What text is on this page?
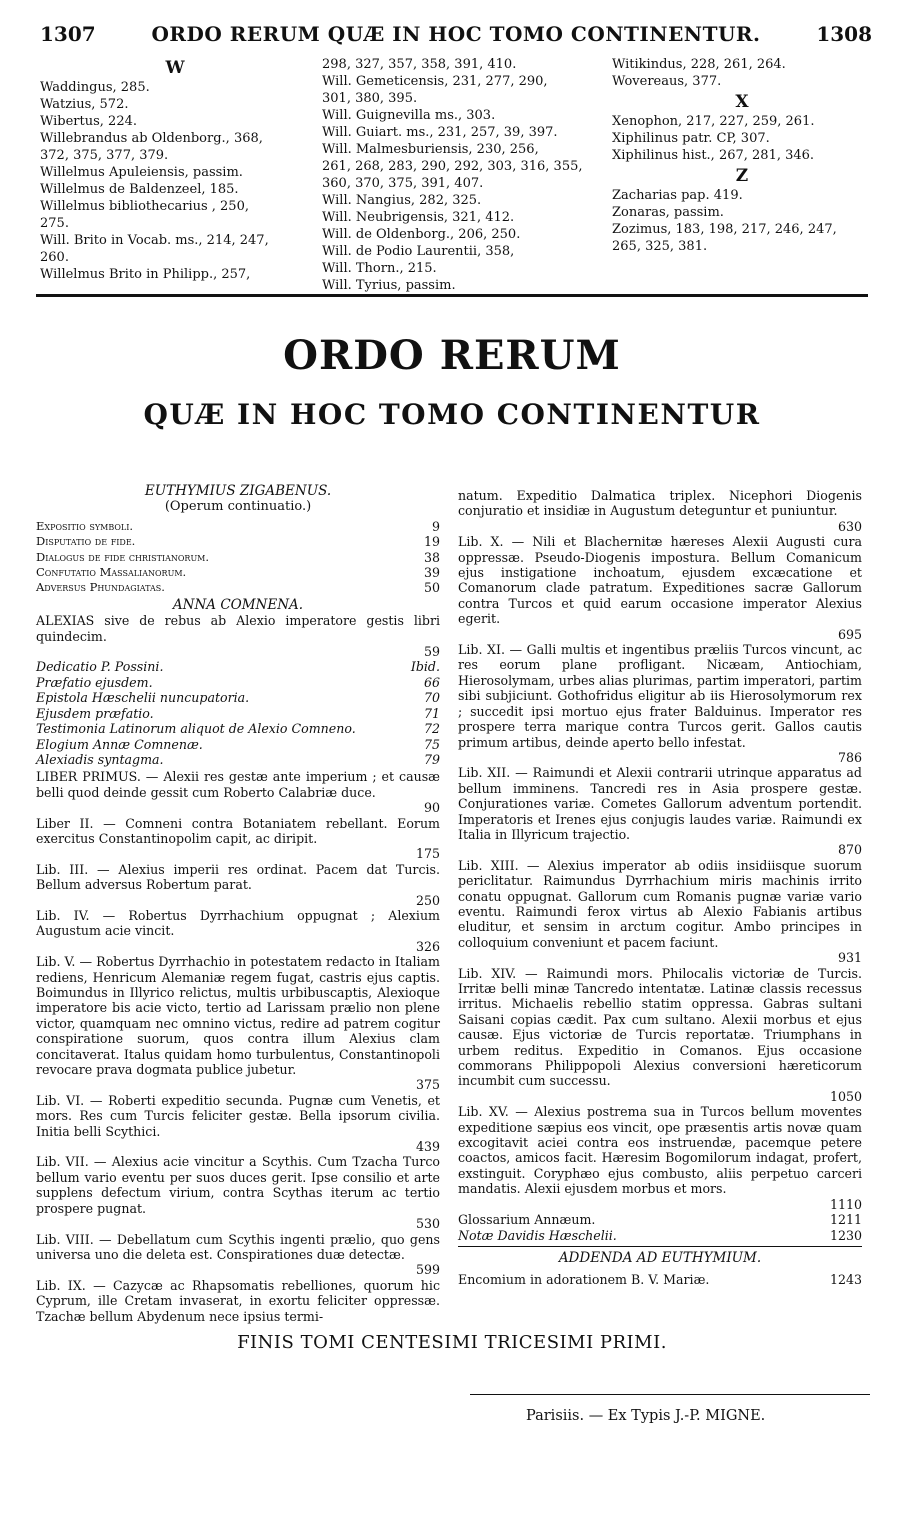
1307	ORDO RERUM QUÆ IN HOC TOMO CONTINENTUR.	1308
W
Waddingus, 285.
Watzius, 572.
Wibertus, 224.
Willebrandus ab Oldenborg., 368,
372, 375, 377, 379.
Willelmus Apuleiensis, passim.
Willelmus de Baldenzeel, 185.
Willelmus bibliothecarius , 250,
275.
Will. Brito in Vocab. ms., 214, 247,
260.
Willelmus Brito in Philipp., 257,
298, 327, 357, 358, 391, 410.
Will. Gemeticensis, 231, 277, 290,
301, 380, 395.
Will. Guignevilla ms., 303.
Will. Guiart. ms., 231, 257, 39, 397.
Will. Malmesburiensis, 230, 256,
261, 268, 283, 290, 292, 303, 316, 355,
360, 370, 375, 391, 407.
Will. Nangius, 282, 325.
Will. Neubrigensis, 321, 412.
Will. de Oldenborg., 206, 250.
Will. de Podio Laurentii, 358,
Will. Thorn., 215.
Will. Tyrius, passim.
Witikindus, 228, 261, 264.
Wovereaus, 377.
X
Xenophon, 217, 227, 259, 261.
Xiphilinus patr. CP, 307.
Xiphilinus hist., 267, 281, 346.
Z
Zacharias pap. 419.
Zonaras, passim.
Zozimus, 183, 198, 217, 246, 247,
265, 325, 381.
ORDO RERUM
QUÆ IN HOC TOMO CONTINENTUR

EUTHYMIUS ZIGABENUS.

(Operum continuatio.)

Expositio symboli.	9
Disputatio de fide.	19
Dialogus de fide christianorum.	38
Confutatio Massalianorum.	39
Adversus Phundagiatas.	50

ANNA COMNENA.

ALEXIAS sive de rebus ab Alexio imperatore gestis libri quindecim.
59

Dedicatio P. Possini.	Ibid.
Præfatio ejusdem.	66
Epistola Hæschelii nuncupatoria.	70
Ejusdem præfatio.	71
Testimonia Latinorum aliquot de Alexio Comneno.	72
Elogium Annæ Comnenæ.	75
Alexiadis syntagma.	79

LIBER PRIMUS. — Alexii res gestæ ante imperium ; et causæ belli quod deinde gessit cum Roberto Calabriæ duce.
90

Liber II. — Comneni contra Botaniatem rebellant. Eorum exercitus Constantinopolim capit, ac diripit.
175

Lib. III. — Alexius imperii res ordinat. Pacem dat Turcis. Bellum adversus Robertum parat.
250

Lib. IV. — Robertus Dyrrhachium oppugnat ; Alexium Augustum acie vincit.
326

Lib. V. — Robertus Dyrrhachio in potestatem redacto in Italiam rediens, Henricum Alemaniæ regem fugat, castris ejus captis. Boimundus in Illyrico relictus, multis urbibuscaptis, Alexioque imperatore bis acie victo, tertio ad Larissam prælio non plene victor, quamquam nec omnino victus, redire ad patrem cogitur conspiratione suorum, quos contra illum Alexius clam concitaverat. Italus quidam homo turbulentus, Constantinopoli revocare prava dogmata publice jubetur.
375

Lib. VI. — Roberti expeditio secunda. Pugnæ cum Venetis, et mors. Res cum Turcis feliciter gestæ. Bella ipsorum civilia. Initia belli Scythici.
439

Lib. VII. — Alexius acie vincitur a Scythis. Cum Tzacha Turco bellum vario eventu per suos duces gerit. Ipse consilio et arte supplens defectum virium, contra Scythas iterum ac tertio prospere pugnat.
530

Lib. VIII. — Debellatum cum Scythis ingenti prælio, quo gens universa uno die deleta est. Conspirationes duæ detectæ.
599

Lib. IX. — Cazycæ ac Rhapsomatis rebelliones, quorum hic Cyprum, ille Cretam invaserat, in exortu feliciter oppressæ. Tzachæ bellum Abydenum nece ipsius termi-

natum. Expeditio Dalmatica triplex. Nicephori Diogenis conjuratio et insidiæ in Augustum deteguntur et puniuntur.
630

Lib. X. — Nili et Blachernitæ hæreses Alexii Augusti cura oppressæ. Pseudo-Diogenis impostura. Bellum Comanicum ejus instigatione inchoatum, ejusdem excæcatione et Comanorum clade patratum. Expeditiones sacræ Gallorum contra Turcos et quid earum occasione imperator Alexius egerit.
695

Lib. XI. — Galli multis et ingentibus præliis Turcos vincunt, ac res eorum plane profligant. Nicæam, Antiochiam, Hierosolymam, urbes alias plurimas, partim imperatori, partim sibi subjiciunt. Gothofridus eligitur ab iis Hierosolymorum rex ; succedit ipsi mortuo ejus frater Balduinus. Imperator res prospere terra marique contra Turcos gerit. Gallos cautis primum artibus, deinde aperto bello infestat.
786

Lib. XII. — Raimundi et Alexii contrarii utrinque apparatus ad bellum imminens. Tancredi res in Asia prospere gestæ. Conjurationes variæ. Cometes Gallorum adventum portendit. Imperatoris et Irenes ejus conjugis laudes variæ. Raimundi ex Italia in Illyricum trajectio.
870

Lib. XIII. — Alexius imperator ab odiis insidiisque suorum periclitatur. Raimundus Dyrrhachium miris machinis irrito conatu oppugnat. Gallorum cum Romanis pugnæ variæ vario eventu. Raimundi ferox virtus ab Alexio Fabianis artibus eluditur, et sensim in arctum cogitur. Ambo principes in colloquium conveniunt et pacem faciunt.
931

Lib. XIV. — Raimundi mors. Philocalis victoriæ de Turcis. Irritæ belli minæ Tancredo intentatæ. Latinæ classis recessus irritus. Michaelis rebellio statim oppressa. Gabras sultani Saisani copias cædit. Pax cum sultano. Alexii morbus et ejus causæ. Ejus victoriæ de Turcis reportatæ. Triumphans in urbem reditus. Expeditio in Comanos. Ejus occasione commorans Philippopoli Alexius conversioni hæreticorum incumbit cum successu.
1050

Lib. XV. — Alexius postrema sua in Turcos bellum moventes expeditione sæpius eos vincit, ope præsentis artis novæ quam excogitavit aciei contra eos instruendæ, pacemque petere coactos, amicos facit. Hæresim Bogomilorum indagat, profert, exstinguit. Coryphæo ejus combusto, aliis perpetuo carceri mandatis. Alexii ejusdem morbus et mors.
1110

Glossarium Annæum.	1211
Notæ Davidis Hæschelii.	1230

ADDENDA AD EUTHYMIUM.

Encomium in adorationem B. V. Mariæ.	1243
FINIS TOMI CENTESIMI TRICESIMI PRIMI.
Parisiis. — Ex Typis J.-P. MIGNE.
